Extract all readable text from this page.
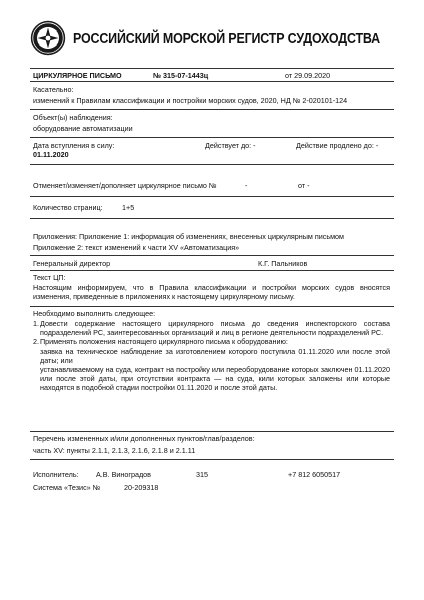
РОССИЙСКИЙ МОРСКОЙ РЕГИСТР СУДОХОДСТВА
ЦИРКУЛЯРНОЕ ПИСЬМО	№ 315-07-1443ц	от 29.09.2020
Касательно:
изменений к Правилам классификации и постройки морских судов, 2020, НД № 2-020101-124
Объект(ы) наблюдения:
оборудование автоматизации
Дата вступления в силу:
01.11.2020
Действует до: -	Действие продлено до: -
Отменяет/изменяет/дополняет циркулярное письмо №	-	от -
Количество страниц:	1+5
Приложения: Приложение 1: информация об изменениях, внесенных циркулярным письмом
Приложение 2: текст изменений к части XV «Автоматизация»
Генеральный директор	К.Г. Пальников
Текст ЦП:
Настоящим информируем, что в Правила классификации и постройки морских судов вносятся изменения, приведенные в приложениях к настоящему циркулярному письму.
Необходимо выполнить следующее:
1. Довести содержание настоящего циркулярного письма до сведения инспекторского состава подразделений РС, заинтересованных организаций и лиц в регионе деятельности подразделений РС.
2. Применять положения настоящего циркулярного письма к оборудованию:
заявка на техническое наблюдение за изготовлением которого поступила 01.11.2020 или после этой даты; или
устанавливаемому на суда, контракт на постройку или переоборудование которых заключен 01.11.2020 или после этой даты, при отсутствии контракта — на суда, кили которых заложены или которые находятся в подобной стадии постройки 01.11.2020 и после этой даты.
Перечень измененных и/или дополненных пунктов/глав/разделов:
часть XV: пункты 2.1.1, 2.1.3, 2.1.6, 2.1.8 и 2.1.11
Исполнитель: А.В. Виноградов	315	+7 812 6050517
Система «Тезис» №	20-209318
